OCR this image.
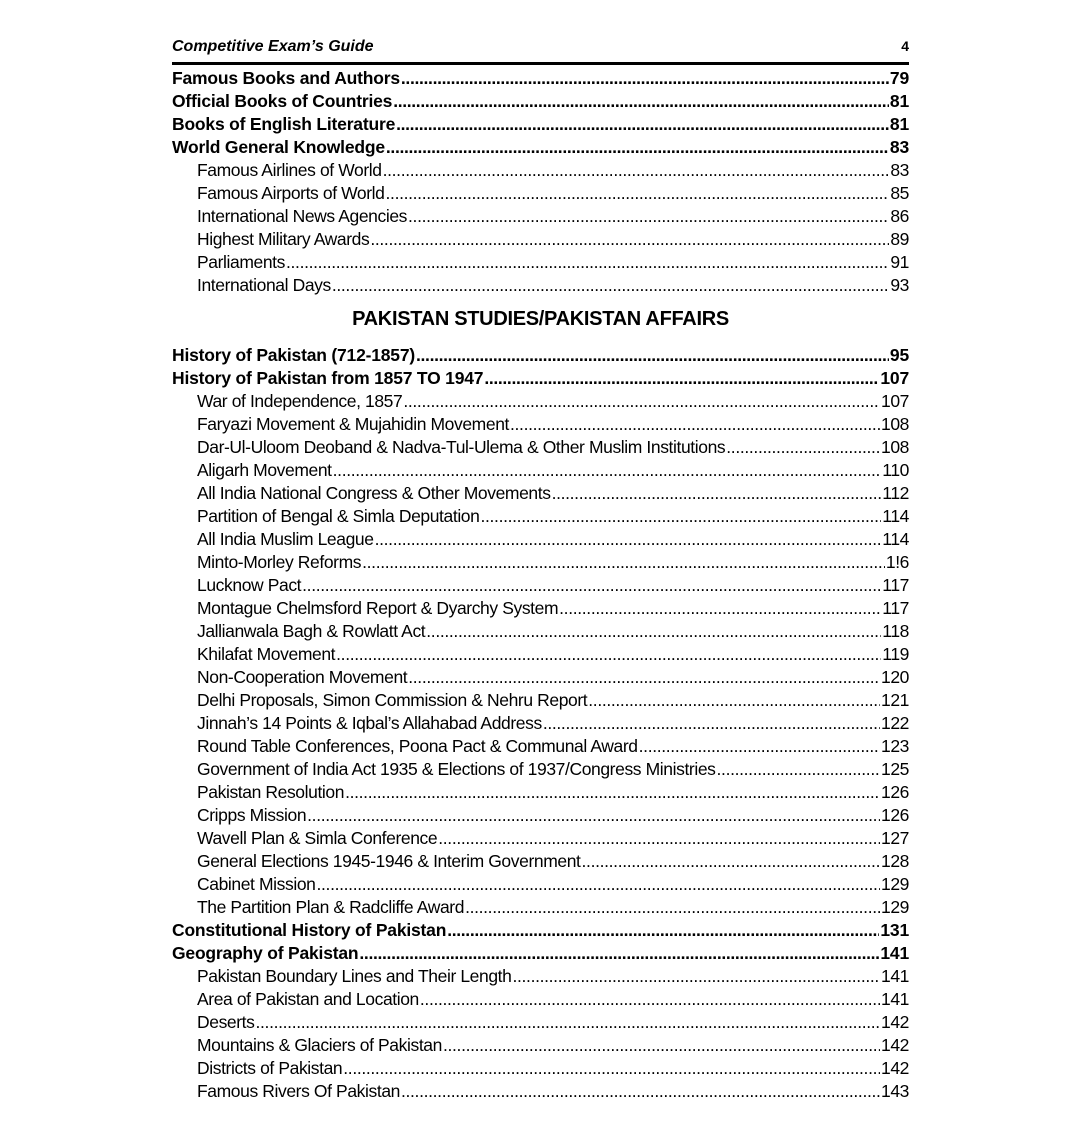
Competitive Exam’s Guide	4
Famous Books and Authors . . .	79
Official Books of Countries . . .	81
Books of English Literature . . .	81
World General Knowledge . . .	83
Famous Airlines of World . . .	83
Famous Airports of World . . .	85
International News Agencies . . .	86
Highest Military Awards . . .	89
Parliaments . . .	91
International Days . . .	93
PAKISTAN STUDIES/PAKISTAN AFFAIRS
History of Pakistan (712-1857) . . .	95
History of Pakistan from 1857 TO 1947 . . .	107
War of Independence, 1857 . . .	107
Faryazi Movement & Mujahidin Movement . . .	108
Dar-Ul-Uloom Deoband & Nadva-Tul-Ulema & Other Muslim Institutions . . .	108
Aligarh Movement . . .	110
All India National Congress & Other Movements . . .	112
Partition of Bengal & Simla Deputation . . .	114
All India Muslim League . . .	114
Minto-Morley Reforms . . .	1!6
Lucknow Pact . . .	117
Montague Chelmsford Report & Dyarchy System . . .	117
Jallianwala Bagh & Rowlatt Act . . .	118
Khilafat Movement . . .	119
Non-Cooperation Movement . . .	120
Delhi Proposals, Simon Commission & Nehru Report . . .	121
Jinnah’s 14 Points & Iqbal’s Allahabad Address . . .	122
Round Table Conferences, Poona Pact & Communal Award . . .	123
Government of India Act 1935 & Elections of 1937/Congress Ministries . . .	125
Pakistan Resolution . . .	126
Cripps Mission . . .	126
Wavell Plan & Simla Conference . . .	127
General Elections 1945-1946 & Interim Government . . .	128
Cabinet Mission . . .	129
The Partition Plan & Radcliffe Award . . .	129
Constitutional History of Pakistan . . .	131
Geography of Pakistan . . .	141
Pakistan Boundary Lines and Their Length . . .	141
Area of Pakistan and Location . . .	141
Deserts . . .	142
Mountains & Glaciers of Pakistan . . .	142
Districts of Pakistan . . .	142
Famous Rivers Of Pakistan . . .	143
